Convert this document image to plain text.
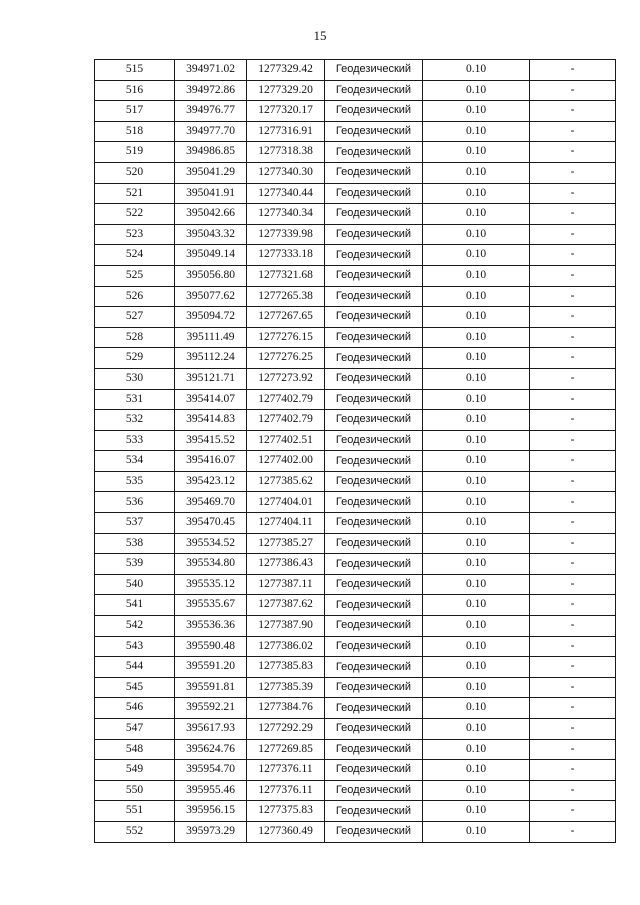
15
515	394971.02	1277329.42	Геодезический	0.10	-
516	394972.86	1277329.20	Геодезический	0.10	-
517	394976.77	1277320.17	Геодезический	0.10	-
518	394977.70	1277316.91	Геодезический	0.10	-
519	394986.85	1277318.38	Геодезический	0.10	-
520	395041.29	1277340.30	Геодезический	0.10	-
521	395041.91	1277340.44	Геодезический	0.10	-
522	395042.66	1277340.34	Геодезический	0.10	-
523	395043.32	1277339.98	Геодезический	0.10	-
524	395049.14	1277333.18	Геодезический	0.10	-
525	395056.80	1277321.68	Геодезический	0.10	-
526	395077.62	1277265.38	Геодезический	0.10	-
527	395094.72	1277267.65	Геодезический	0.10	-
528	395111.49	1277276.15	Геодезический	0.10	-
529	395112.24	1277276.25	Геодезический	0.10	-
530	395121.71	1277273.92	Геодезический	0.10	-
531	395414.07	1277402.79	Геодезический	0.10	-
532	395414.83	1277402.79	Геодезический	0.10	-
533	395415.52	1277402.51	Геодезический	0.10	-
534	395416.07	1277402.00	Геодезический	0.10	-
535	395423.12	1277385.62	Геодезический	0.10	-
536	395469.70	1277404.01	Геодезический	0.10	-
537	395470.45	1277404.11	Геодезический	0.10	-
538	395534.52	1277385.27	Геодезический	0.10	-
539	395534.80	1277386.43	Геодезический	0.10	-
540	395535.12	1277387.11	Геодезический	0.10	-
541	395535.67	1277387.62	Геодезический	0.10	-
542	395536.36	1277387.90	Геодезический	0.10	-
543	395590.48	1277386.02	Геодезический	0.10	-
544	395591.20	1277385.83	Геодезический	0.10	-
545	395591.81	1277385.39	Геодезический	0.10	-
546	395592.21	1277384.76	Геодезический	0.10	-
547	395617.93	1277292.29	Геодезический	0.10	-
548	395624.76	1277269.85	Геодезический	0.10	-
549	395954.70	1277376.11	Геодезический	0.10	-
550	395955.46	1277376.11	Геодезический	0.10	-
551	395956.15	1277375.83	Геодезический	0.10	-
552	395973.29	1277360.49	Геодезический	0.10	-
